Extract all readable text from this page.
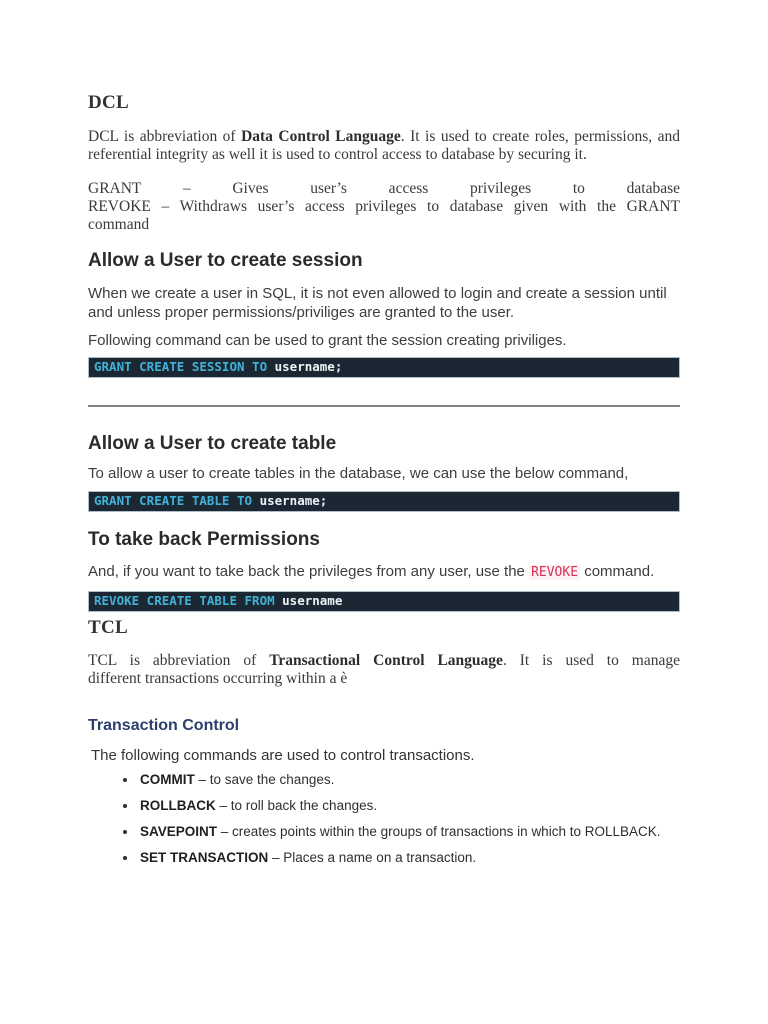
DCL

DCL is abbreviation of Data Control Language. It is used to create roles, permissions, and referential integrity as well it is used to control access to database by securing it.

GRANT – Gives user’s access privileges to database
REVOKE – Withdraws user’s access privileges to database given with the GRANT
command

Allow a User to create session

When we create a user in SQL, it is not even allowed to login and create a session until and unless proper permissions/priviliges are granted to the user.

Following command can be used to grant the session creating priviliges.

GRANT CREATE SESSION TO username;
Allow a User to create table

To allow a user to create tables in the database, we can use the below command,

GRANT CREATE TABLE TO username;
To take back Permissions

And, if you want to take back the privileges from any user, use the REVOKE command.

REVOKE CREATE TABLE FROM username
TCL

TCL is abbreviation of Transactional Control Language. It is used to manage
different transactions occurring within a è

Transaction Control

The following commands are used to control transactions.

• COMMIT – to save the changes.
• ROLLBACK – to roll back the changes.
• SAVEPOINT – creates points within the groups of transactions in which to ROLLBACK.
• SET TRANSACTION – Places a name on a transaction.
